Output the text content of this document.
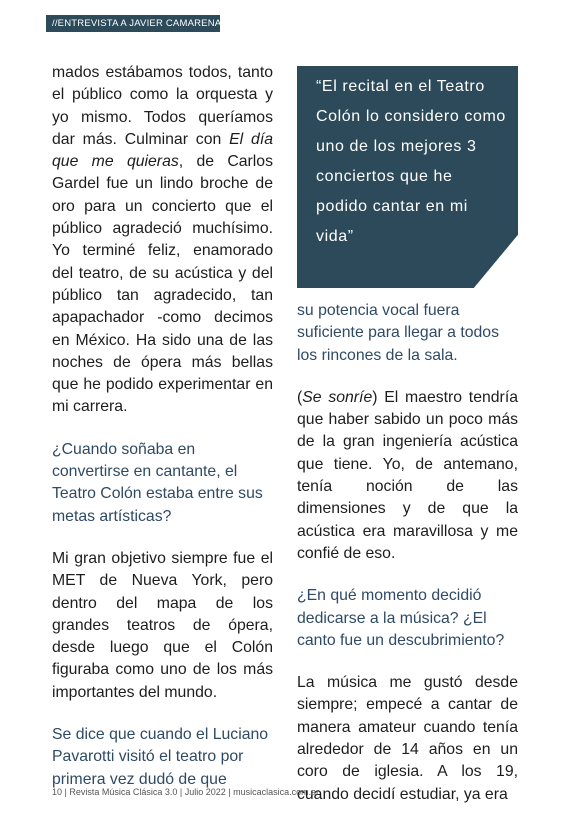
//ENTREVISTA A JAVIER CAMARENA//

mados estábamos todos, tanto el público como la orquesta y yo mismo. Todos queríamos dar más. Culminar con El día que me quieras, de Carlos Gardel fue un lindo broche de oro para un concierto que el público agradeció muchísimo. Yo terminé feliz, enamorado del teatro, de su acústica y del público tan agradecido, tan apapachador -como decimos en México. Ha sido una de las noches de ópera más bellas que he podido experimentar en mi carrera.

¿Cuando soñaba en convertirse en cantante, el Teatro Colón estaba entre sus metas artísticas?

Mi gran objetivo siempre fue el MET de Nueva York, pero dentro del mapa de los grandes teatros de ópera, desde luego que el Colón figuraba como uno de los más importantes del mundo.

Se dice que cuando el Luciano Pavarotti visitó el teatro por primera vez dudó de que

“El recital en el Teatro Colón lo considero como uno de los mejores 3 conciertos que he podido cantar en mi vida”

su potencia vocal fuera suficiente para llegar a todos los rincones de la sala.

(Se sonríe) El maestro tendría que haber sabido un poco más de la gran ingeniería acústica que tiene. Yo, de antemano, tenía noción de las dimensiones y de que la acústica era maravillosa y me confié de eso.

¿En qué momento decidió dedicarse a la música? ¿El canto fue un descubrimiento?

La música me gustó desde siempre; empecé a cantar de manera amateur cuando tenía alrededor de 14 años en un coro de iglesia. A los 19, cuando decidí estudiar, ya era

10 | Revista Música Clásica 3.0 | Julio 2022 | musicaclasica.com.ar
